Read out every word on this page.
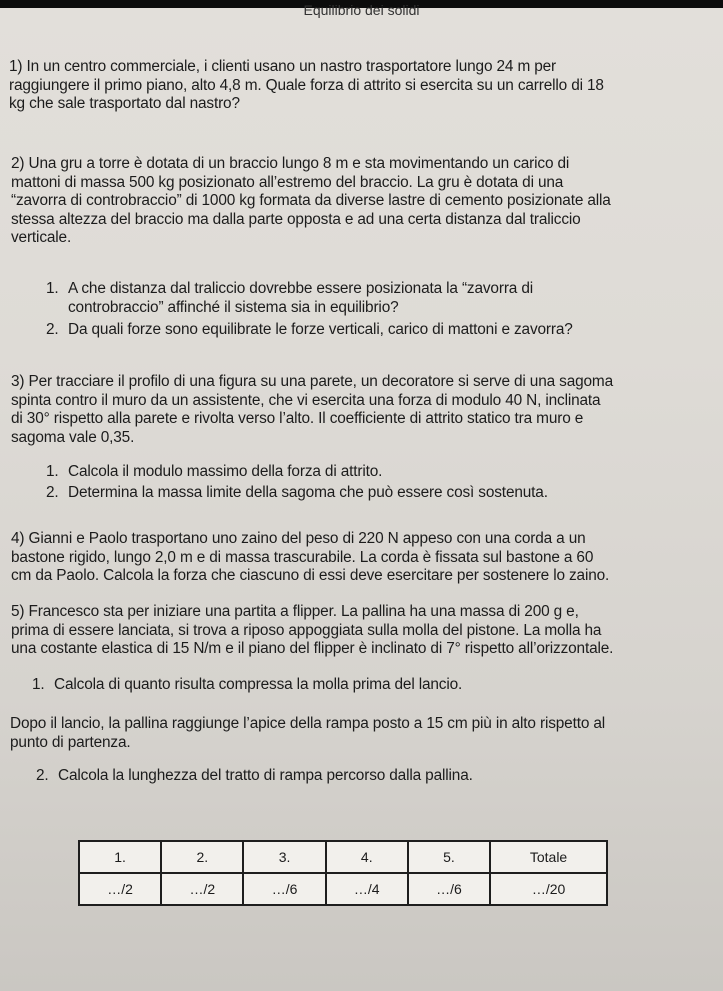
Equilibrio dei solidi
1) In un centro commerciale, i clienti usano un nastro trasportatore lungo 24 m per
raggiungere il primo piano, alto 4,8 m. Quale forza di attrito si esercita su un carrello di 18
kg che sale trasportato dal nastro?
2) Una gru a torre è dotata di un braccio lungo 8 m e sta movimentando un carico di
mattoni di massa 500 kg posizionato all’estremo del braccio. La gru è dotata di una
“zavorra di controbraccio” di 1000 kg formata da diverse lastre di cemento posizionate alla
stessa altezza del braccio ma dalla parte opposta e ad una certa distanza dal traliccio
verticale.
1. A che distanza dal traliccio dovrebbe essere posizionata la “zavorra di
controbraccio” affinché il sistema sia in equilibrio?
2. Da quali forze sono equilibrate le forze verticali, carico di mattoni e zavorra?
3) Per tracciare il profilo di una figura su una parete, un decoratore si serve di una sagoma
spinta contro il muro da un assistente, che vi esercita una forza di modulo 40 N, inclinata
di 30° rispetto alla parete e rivolta verso l’alto. Il coefficiente di attrito statico tra muro e
sagoma vale 0,35.
1. Calcola il modulo massimo della forza di attrito.
2. Determina la massa limite della sagoma che può essere così sostenuta.
4) Gianni e Paolo trasportano uno zaino del peso di 220 N appeso con una corda a un
bastone rigido, lungo 2,0 m e di massa trascurabile. La corda è fissata sul bastone a 60
cm da Paolo. Calcola la forza che ciascuno di essi deve esercitare per sostenere lo zaino.
5) Francesco sta per iniziare una partita a flipper. La pallina ha una massa di 200 g e,
prima di essere lanciata, si trova a riposo appoggiata sulla molla del pistone. La molla ha
una costante elastica di 15 N/m e il piano del flipper è inclinato di 7° rispetto all’orizzontale.
1. Calcola di quanto risulta compressa la molla prima del lancio.
Dopo il lancio, la pallina raggiunge l’apice della rampa posto a 15 cm più in alto rispetto al
punto di partenza.
2. Calcola la lunghezza del tratto di rampa percorso dalla pallina.
1.	2.	3.	4.	5.	Totale
…/2	…/2	…/6	…/4	…/6	…/20
